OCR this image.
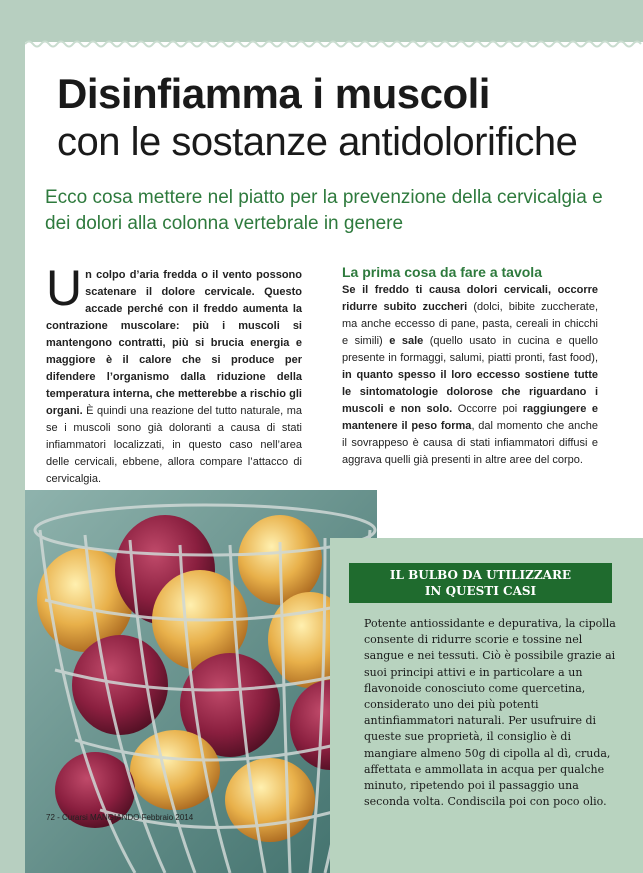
Disinfiamma i muscoli
con le sostanze antidolorifiche
Ecco cosa mettere nel piatto per la prevenzione della cervicalgia e dei dolori alla colonna vertebrale in genere
Un colpo d’aria fredda o il vento possono scatenare il dolore cervicale. Questo accade perché con il freddo aumenta la contrazione muscolare: più i muscoli si mantengono contratti, più si brucia energia e maggiore è il calore che si produce per difendere l’organismo dalla riduzione della temperatura interna, che metterebbe a rischio gli organi. È quindi una reazione del tutto naturale, ma se i muscoli sono già doloranti a causa di stati infiammatori localizzati, in questo caso nell’area delle cervicali, ebbene, allora compare l’attacco di cervicalgia.
La prima cosa da fare a tavola
Se il freddo ti causa dolori cervicali, occorre ridurre subito zuccheri (dolci, bibite zuccherate, ma anche eccesso di pane, pasta, cereali in chicchi e simili) e sale (quello usato in cucina e quello presente in formaggi, salumi, piatti pronti, fast food), in quanto spesso il loro eccesso sostiene tutte le sintomatologie dolorose che riguardano i muscoli e non solo. Occorre poi raggiungere e mantenere il peso forma, dal momento che anche il sovrappeso è causa di stati infiammatori diffusi e aggrava quelli già presenti in altre aree del corpo.
72 - Curarsi MANGIANDO Febbraio 2014
IL BULBO DA UTILIZZARE
IN QUESTI CASI
Potente antiossidante e depurativa, la cipolla consente di ridurre scorie e tossine nel sangue e nei tessuti. Ciò è possibile grazie ai suoi principi attivi e in particolare a un flavonoide conosciuto come quercetina, considerato uno dei più potenti antinfiammatori naturali. Per usufruire di queste sue proprietà, il consiglio è di mangiare almeno 50g di cipolla al dì, cruda, affettata e ammollata in acqua per qualche minuto, ripetendo poi il passaggio una seconda volta. Condiscila poi con poco olio.
